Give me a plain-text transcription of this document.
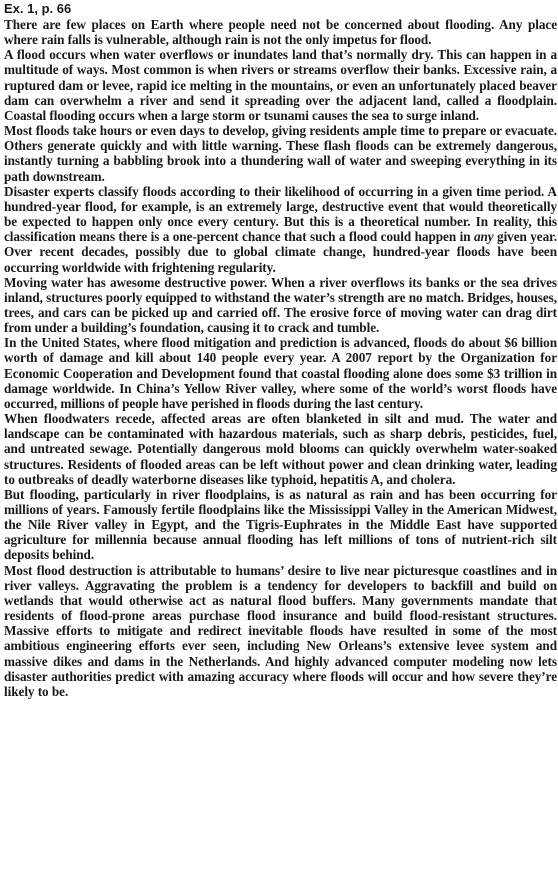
Ex. 1, p. 66

There are few places on Earth where people need not be concerned about flooding. Any place where rain falls is vulnerable, although rain is not the only impetus for flood.

A flood occurs when water overflows or inundates land that’s normally dry. This can happen in a multitude of ways. Most common is when rivers or streams overflow their banks. Excessive rain, a ruptured dam or levee, rapid ice melting in the mountains, or even an unfortunately placed beaver dam can overwhelm a river and send it spreading over the adjacent land, called a floodplain. Coastal flooding occurs when a large storm or tsunami causes the sea to surge inland.

Most floods take hours or even days to develop, giving residents ample time to prepare or evacuate. Others generate quickly and with little warning. These flash floods can be extremely dangerous, instantly turning a babbling brook into a thundering wall of water and sweeping everything in its path downstream.

Disaster experts classify floods according to their likelihood of occurring in a given time period. A hundred-year flood, for example, is an extremely large, destructive event that would theoretically be expected to happen only once every century. But this is a theoretical number. In reality, this classification means there is a one-percent chance that such a flood could happen in any given year. Over recent decades, possibly due to global climate change, hundred-year floods have been occurring worldwide with frightening regularity.

Moving water has awesome destructive power. When a river overflows its banks or the sea drives inland, structures poorly equipped to withstand the water’s strength are no match. Bridges, houses, trees, and cars can be picked up and carried off. The erosive force of moving water can drag dirt from under a building’s foundation, causing it to crack and tumble.

In the United States, where flood mitigation and prediction is advanced, floods do about $6 billion worth of damage and kill about 140 people every year. A 2007 report by the Organization for Economic Cooperation and Development found that coastal flooding alone does some $3 trillion in damage worldwide. In China’s Yellow River valley, where some of the world’s worst floods have occurred, millions of people have perished in floods during the last century.

When floodwaters recede, affected areas are often blanketed in silt and mud. The water and landscape can be contaminated with hazardous materials, such as sharp debris, pesticides, fuel, and untreated sewage. Potentially dangerous mold blooms can quickly overwhelm water-soaked structures. Residents of flooded areas can be left without power and clean drinking water, leading to outbreaks of deadly waterborne diseases like typhoid, hepatitis A, and cholera.

But flooding, particularly in river floodplains, is as natural as rain and has been occurring for millions of years. Famously fertile floodplains like the Mississippi Valley in the American Midwest, the Nile River valley in Egypt, and the Tigris-Euphrates in the Middle East have supported agriculture for millennia because annual flooding has left millions of tons of nutrient-rich silt deposits behind.

Most flood destruction is attributable to humans’ desire to live near picturesque coastlines and in river valleys. Aggravating the problem is a tendency for developers to backfill and build on wetlands that would otherwise act as natural flood buffers. Many governments mandate that residents of flood-prone areas purchase flood insurance and build flood-resistant structures. Massive efforts to mitigate and redirect inevitable floods have resulted in some of the most ambitious engineering efforts ever seen, including New Orleans’s extensive levee system and massive dikes and dams in the Netherlands. And highly advanced computer modeling now lets disaster authorities predict with amazing accuracy where floods will occur and how severe they’re likely to be.
